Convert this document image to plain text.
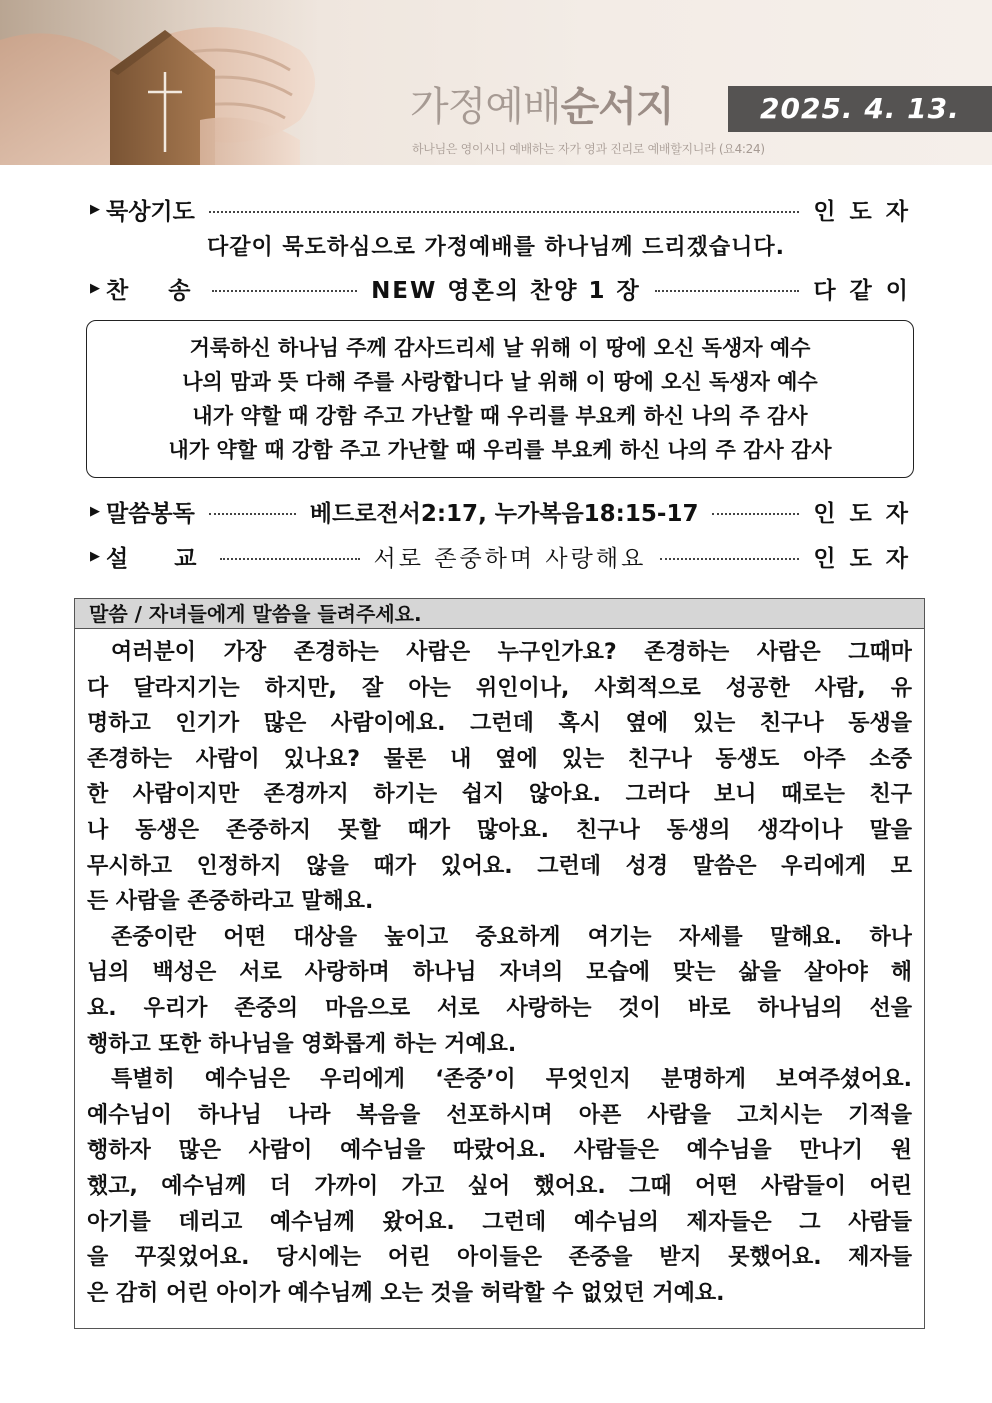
가정예배순서지	2025. 4. 13.
하나님은 영이시니 예배하는 자가 영과 진리로 예배할지니라 (요4:24)
▶ 묵상기도	인도자
다같이 묵도하심으로 가정예배를 하나님께 드리겠습니다.
▶ 찬  송	NEW 영혼의 찬양 1 장	다같이
거룩하신 하나님 주께 감사드리세 날 위해 이 땅에 오신 독생자 예수
나의 맘과 뜻 다해 주를 사랑합니다 날 위해 이 땅에 오신 독생자 예수
내가 약할 때 강함 주고 가난할 때 우리를 부요케 하신 나의 주 감사
내가 약할 때 강함 주고 가난할 때 우리를 부요케 하신 나의 주 감사 감사
▶ 말씀봉독	베드로전서2:17, 누가복음18:15-17	인도자
▶ 설  교	서로 존중하며 사랑해요	인도자
말씀 / 자녀들에게 말씀을 들려주세요.
여러분이 가장 존경하는 사람은 누구인가요? 존경하는 사람은 그때마
다 달라지기는 하지만, 잘 아는 위인이나, 사회적으로 성공한 사람, 유
명하고 인기가 많은 사람이에요. 그런데 혹시 옆에 있는 친구나 동생을
존경하는 사람이 있나요? 물론 내 옆에 있는 친구나 동생도 아주 소중
한 사람이지만 존경까지 하기는 쉽지 않아요. 그러다 보니 때로는 친구
나 동생은 존중하지 못할 때가 많아요. 친구나 동생의 생각이나 말을
무시하고 인정하지 않을 때가 있어요. 그런데 성경 말씀은 우리에게 모
든 사람을 존중하라고 말해요.
존중이란 어떤 대상을 높이고 중요하게 여기는 자세를 말해요. 하나
님의 백성은 서로 사랑하며 하나님 자녀의 모습에 맞는 삶을 살아야 해
요. 우리가 존중의 마음으로 서로 사랑하는 것이 바로 하나님의 선을
행하고 또한 하나님을 영화롭게 하는 거예요.
특별히 예수님은 우리에게 ‘존중’이 무엇인지 분명하게 보여주셨어요.
예수님이 하나님 나라 복음을 선포하시며 아픈 사람을 고치시는 기적을
행하자 많은 사람이 예수님을 따랐어요. 사람들은 예수님을 만나기 원
했고, 예수님께 더 가까이 가고 싶어 했어요. 그때 어떤 사람들이 어린
아기를 데리고 예수님께 왔어요. 그런데 예수님의 제자들은 그 사람들
을 꾸짖었어요. 당시에는 어린 아이들은 존중을 받지 못했어요. 제자들
은 감히 어린 아이가 예수님께 오는 것을 허락할 수 없었던 거예요.
